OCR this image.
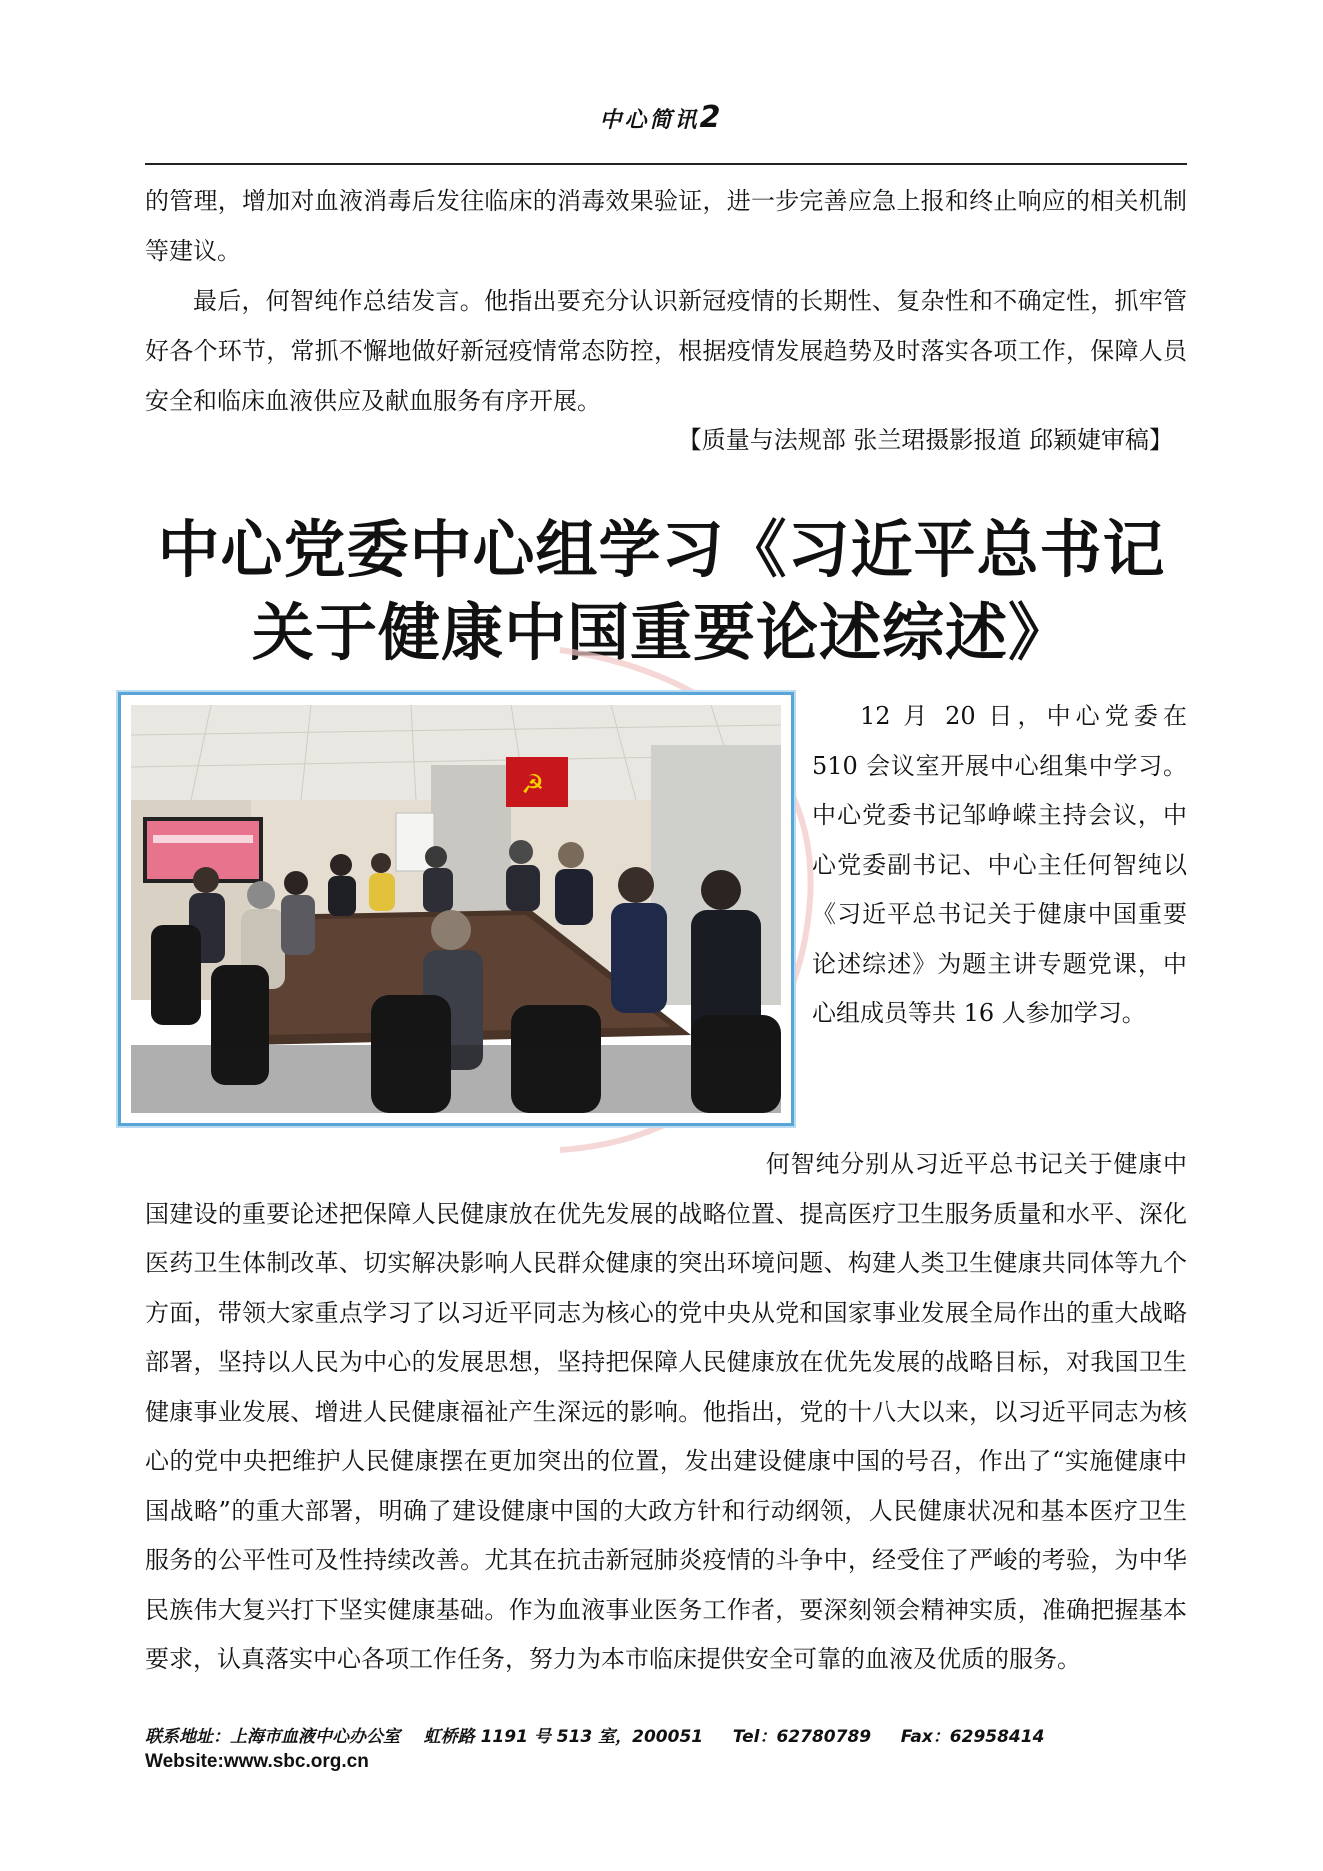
中心简讯2
的管理，增加对血液消毒后发往临床的消毒效果验证，进一步完善应急上报和终止响应的相关机制等建议。
最后，何智纯作总结发言。他指出要充分认识新冠疫情的长期性、复杂性和不确定性，抓牢管好各个环节，常抓不懈地做好新冠疫情常态防控，根据疫情发展趋势及时落实各项工作，保障人员安全和临床血液供应及献血服务有序开展。
【质量与法规部 张兰珺摄影报道 邱颖婕审稿】
中心党委中心组学习《习近平总书记
关于健康中国重要论述综述》
☭
12 月 20 日，中心党委在 510 会议室开展中心组集中学习。中心党委书记邹峥嵘主持会议，中心党委副书记、中心主任何智纯以《习近平总书记关于健康中国重要论述综述》为题主讲专题党课，中心组成员等共 16 人参加学习。
何智纯分别从习近平总书记关于健康中国建设的重要论述把保障人民健康放在优先发展的战略位置、提高医疗卫生服务质量和水平、深化医药卫生体制改革、切实解决影响人民群众健康的突出环境问题、构建人类卫生健康共同体等九个方面，带领大家重点学习了以习近平同志为核心的党中央从党和国家事业发展全局作出的重大战略部署，坚持以人民为中心的发展思想，坚持把保障人民健康放在优先发展的战略目标，对我国卫生健康事业发展、增进人民健康福祉产生深远的影响。他指出，党的十八大以来，以习近平同志为核心的党中央把维护人民健康摆在更加突出的位置，发出建设健康中国的号召，作出了“实施健康中国战略”的重大部署，明确了建设健康中国的大政方针和行动纲领，人民健康状况和基本医疗卫生服务的公平性可及性持续改善。尤其在抗击新冠肺炎疫情的斗争中，经受住了严峻的考验，为中华民族伟大复兴打下坚实健康基础。作为血液事业医务工作者，要深刻领会精神实质，准确把握基本要求，认真落实中心各项工作任务，努力为本市临床提供安全可靠的血液及优质的服务。
联系地址：上海市血液中心办公室    虹桥路 1191 号 513 室，200051     Tel：62780789     Fax：62958414
Website:www.sbc.org.cn
